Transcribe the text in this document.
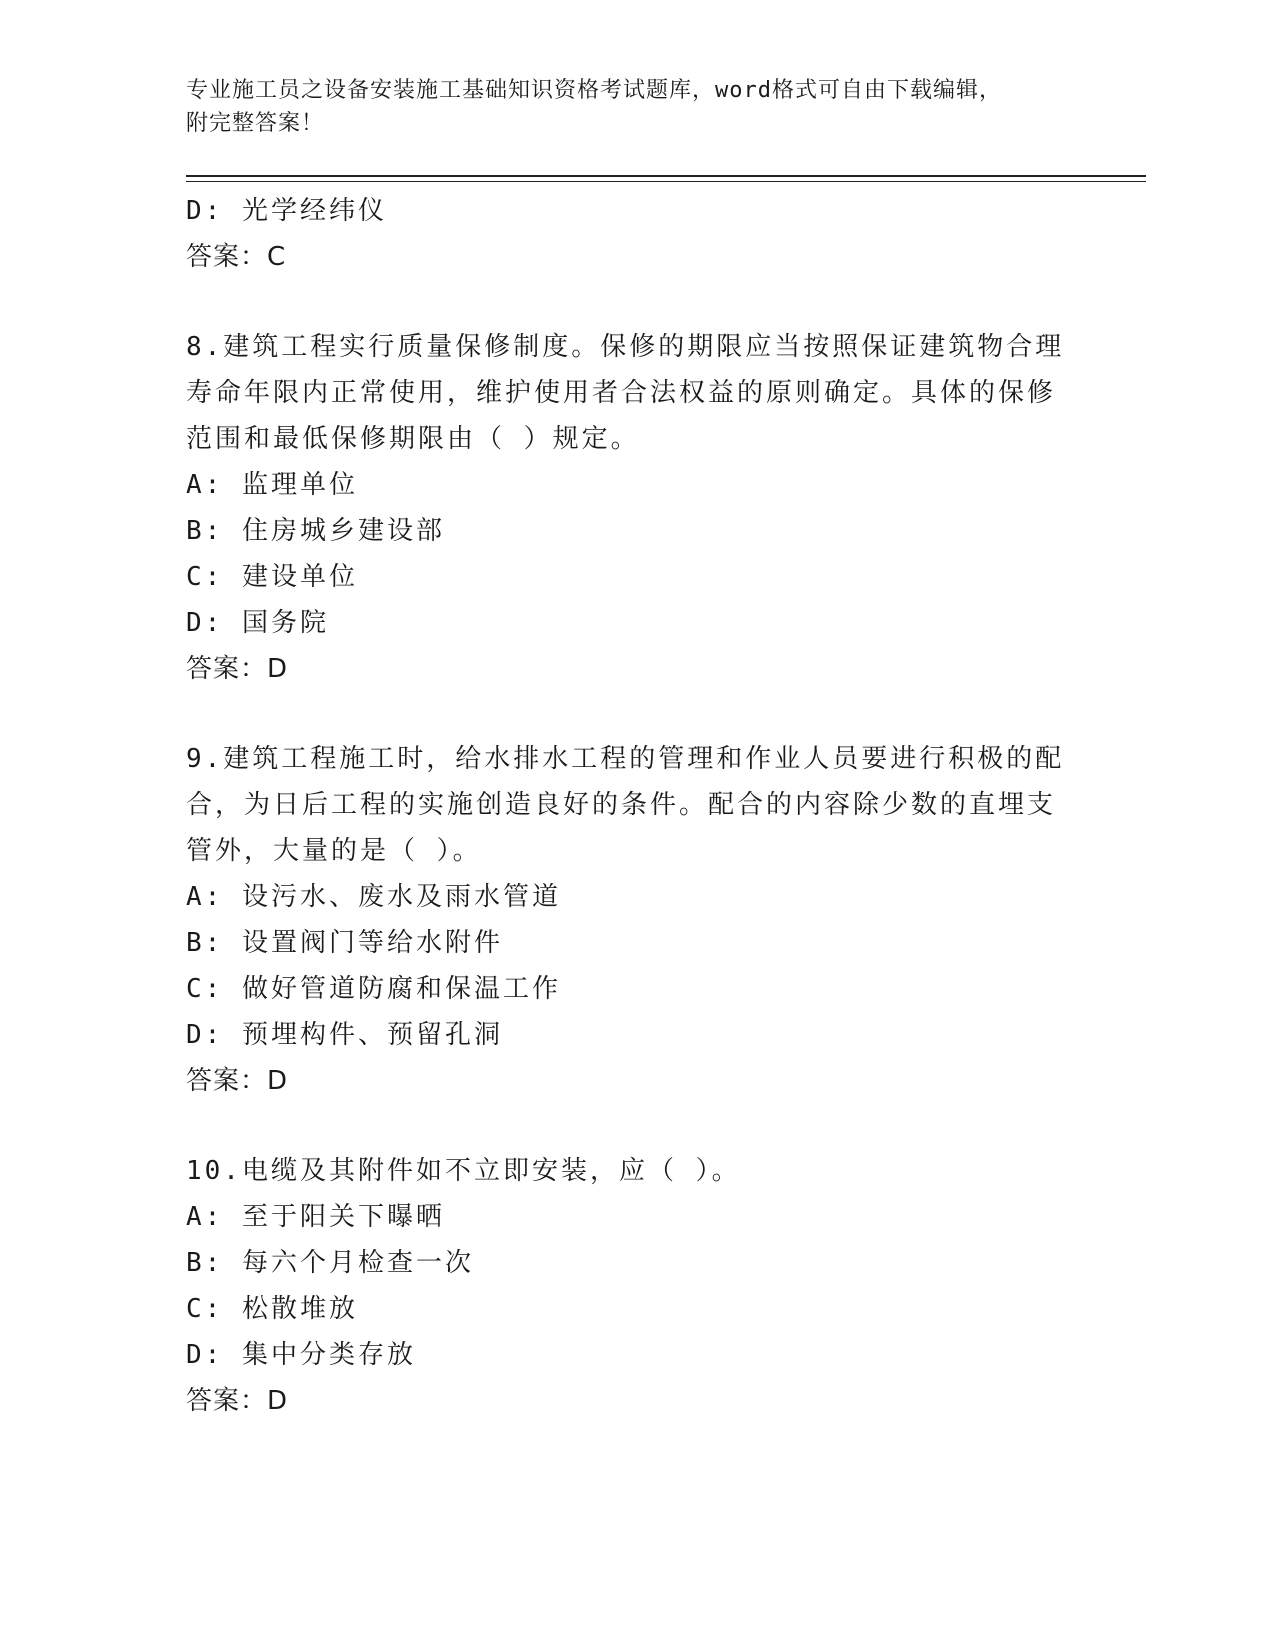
专业施工员之设备安装施工基础知识资格考试题库，word格式可自由下载编辑，
附完整答案！
D: 光学经纬仪
答案：C
8.建筑工程实行质量保修制度。保修的期限应当按照保证建筑物合理
寿命年限内正常使用，维护使用者合法权益的原则确定。具体的保修
范围和最低保修期限由（ ）规定。
A: 监理单位
B: 住房城乡建设部
C: 建设单位
D: 国务院
答案：D
9.建筑工程施工时，给水排水工程的管理和作业人员要进行积极的配
合，为日后工程的实施创造良好的条件。配合的内容除少数的直埋支
管外，大量的是（ ）。
A: 设污水、废水及雨水管道
B: 设置阀门等给水附件
C: 做好管道防腐和保温工作
D: 预埋构件、预留孔洞
答案：D
10.电缆及其附件如不立即安装，应（ ）。
A: 至于阳关下曝晒
B: 每六个月检查一次
C: 松散堆放
D: 集中分类存放
答案：D
